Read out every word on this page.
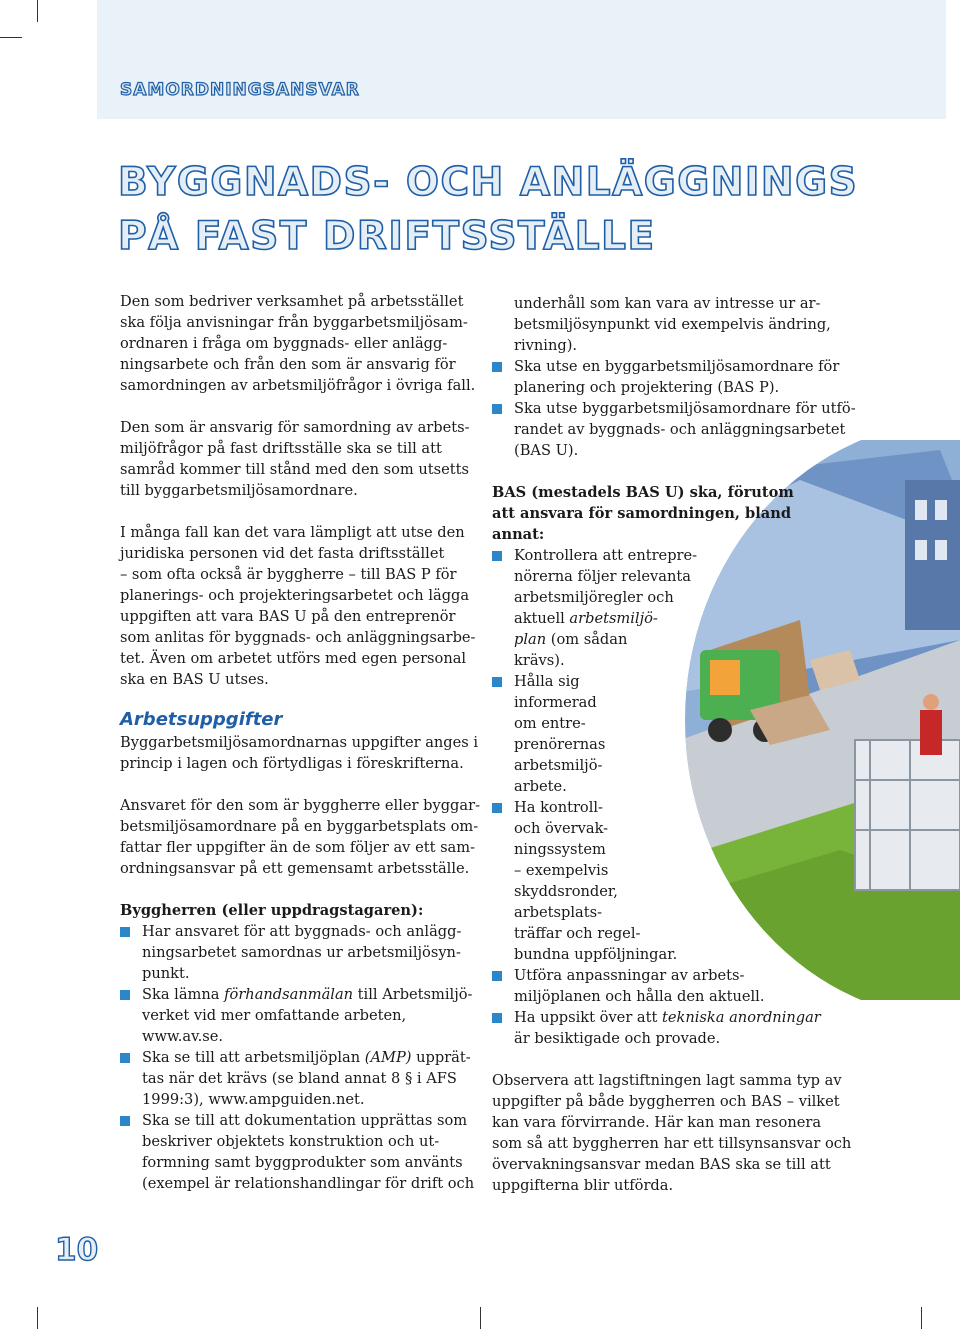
SAMORDNINGSANSVAR
BYGGNADS- OCH ANLÄGGNINGS
PÅ FAST DRIFTSSTÄLLE

Den som bedriver verksamhet på arbetsstället
ska följa anvisningar från byggarbetsmiljösam-
ordnaren i fråga om byggnads- eller anlägg-
ningsarbete och från den som är ansvarig för
samordningen av arbetsmiljöfrågor i övriga fall.

Den som är ansvarig för samordning av arbets-
miljöfrågor på fast driftsställe ska se till att
samråd kommer till stånd med den som utsetts
till byggarbetsmiljösamordnare.

I många fall kan det vara lämpligt att utse den
juridiska personen vid det fasta driftsstället
– som ofta också är byggherre – till BAS P för
planerings- och projekteringsarbetet och lägga
uppgiften att vara BAS U på den entreprenör
som anlitas för byggnads- och anläggningsarbe-
tet. Även om arbetet utförs med egen personal
ska en BAS U utses.

Arbetsuppgifter

Byggarbetsmiljösamordnarnas uppgifter anges i
princip i lagen och förtydligas i föreskrifterna.

Ansvaret för den som är byggherre eller byggar-
betsmiljösamordnare på en byggarbetsplats om-
fattar fler uppgifter än de som följer av ett sam-
ordningsansvar på ett gemensamt arbetsställe.

Byggherren (eller uppdragstagaren):

Har ansvaret för att byggnads- och anlägg-
ningsarbetet samordnas ur arbetsmiljösyn-
punkt.

Ska lämna förhandsanmälan till Arbetsmiljö-
verket vid mer omfattande arbeten,
www.av.se.

Ska se till att arbetsmiljöplan (AMP) upprät-
tas när det krävs (se bland annat 8 § i AFS
1999:3), www.ampguiden.net.

Ska se till att dokumentation upprättas som
beskriver objektets konstruktion och ut-
formning samt byggprodukter som använts
(exempel är relationshandlingar för drift och

underhåll som kan vara av intresse ur ar-
betsmiljösynpunkt vid exempelvis ändring,
rivning).

Ska utse en byggarbetsmiljösamordnare för
planering och projektering (BAS P).

Ska utse byggarbetsmiljösamordnare för utfö-
randet av byggnads- och anläggningsarbetet
(BAS U).

BAS (mestadels BAS U) ska, förutom
att ansvara för samordningen, bland
annat:

Kontrollera att entrepre-
nörerna följer relevanta
arbetsmiljöregler och
aktuell arbetsmiljö-
plan (om sådan
krävs).

Hålla sig
informerad
om entre-
prenörernas
arbetsmiljö-
arbete.

Ha kontroll-
och övervak-
ningssystem
– exempelvis
skyddsronder,
arbetsplats-
träffar och regel-
bundna uppföljningar.

Utföra anpassningar av arbets-
miljöplanen och hålla den aktuell.

Ha uppsikt över att tekniska anordningar
är besiktigade och provade.

Observera att lagstiftningen lagt samma typ av
uppgifter på både byggherren och BAS – vilket
kan vara förvirrande. Här kan man resonera
som så att byggherren har ett tillsynsansvar och
övervakningsansvar medan BAS ska se till att
uppgifterna blir utförda.

10
